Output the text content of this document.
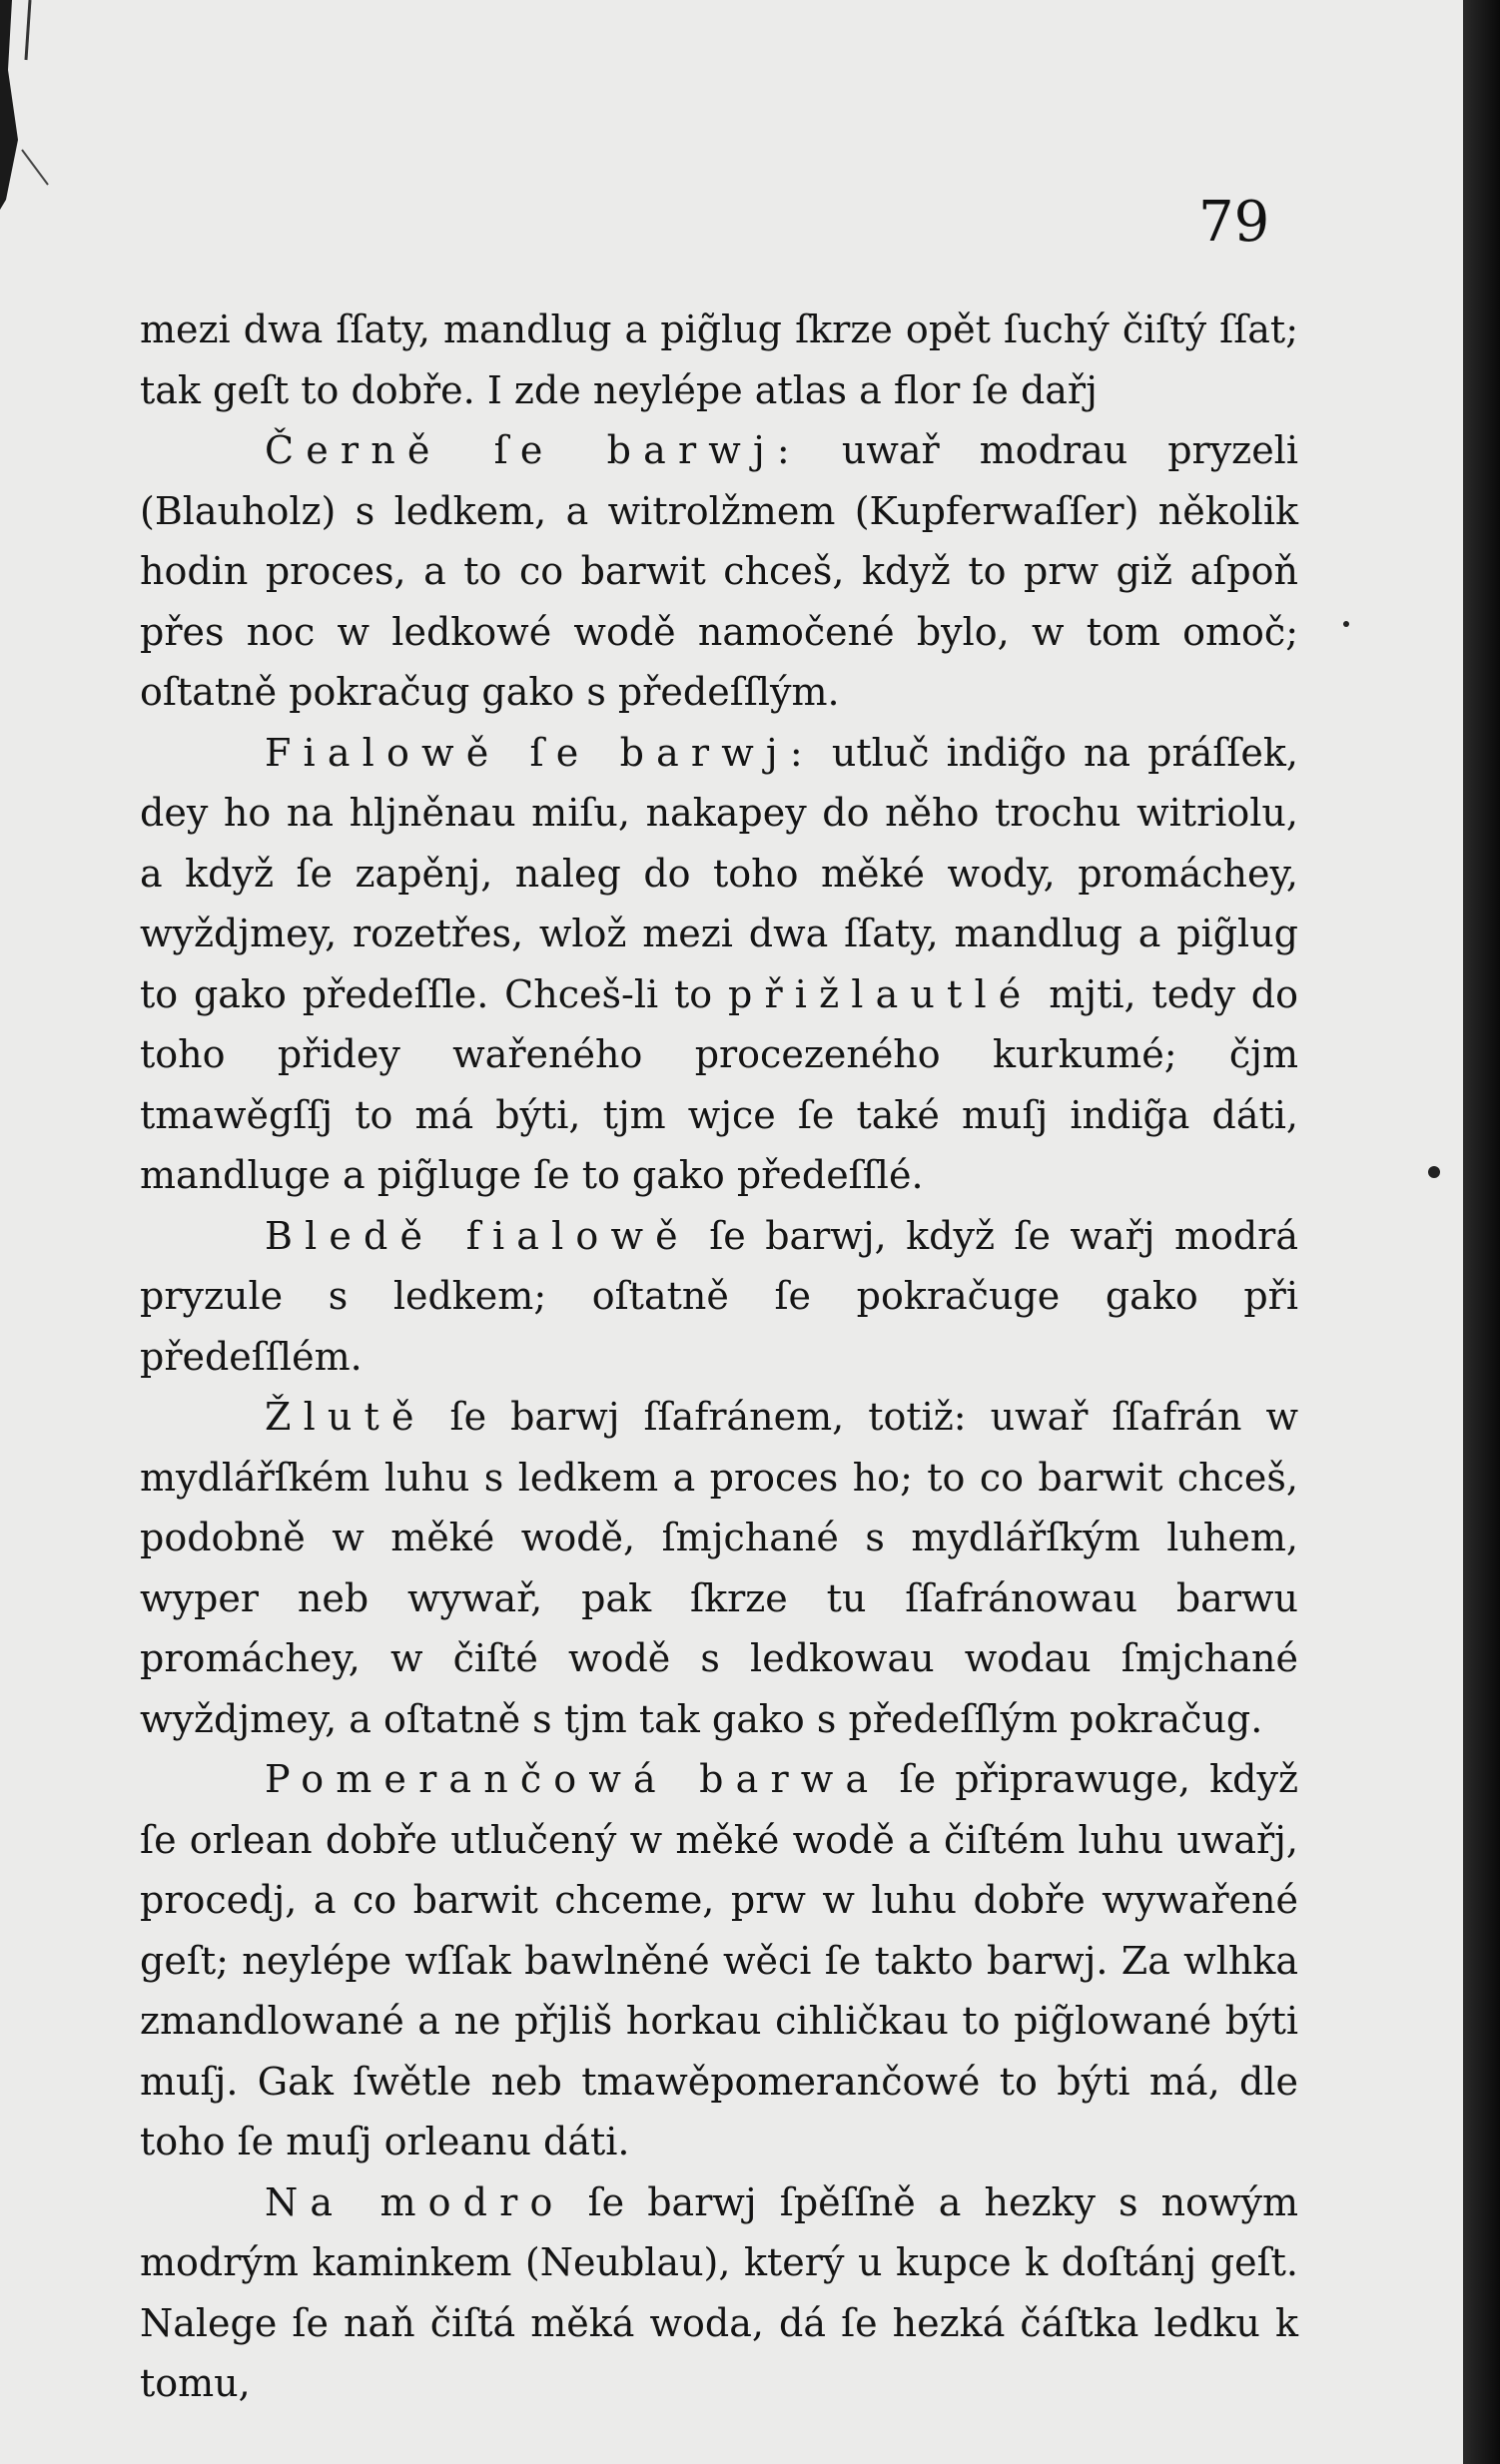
79

mezi dwa ſſaty, mandlug a pig̃lug ſkrze opět ſuchý čiſtý ſſat; tak geſt to dobře. I zde neylépe atlas a flor ſe dařj

Černě ſe barwj: uwař modrau pryzeli (Blauholz) s ledkem, a witrolžmem (Kupferwaſſer) několik hodin proces, a to co barwit chceš, když to prw giž aſpoň přes noc w ledkowé wodě namočené bylo, w tom omoč; oſtatně pokračug gako s předeſſlým.

Fialowě ſe barwj: utluč indig̃o na práſſek, dey ho na hljněnau miſu, nakapey do něho trochu witriolu, a když ſe zapěnj, naleg do toho měké wody, promáchey, wyždjmey, rozetřes, wlož mezi dwa ſſaty, mandlug a pig̃lug to gako předeſſle. Chceš-li to přižlautlé mjti, tedy do toho přidey wařeného procezeného kurkumé; čjm tmawěgſſj to má býti, tjm wjce ſe také muſj indig̃a dáti, mandluge a pig̃luge ſe to gako předeſſlé.

Bledě fialowě ſe barwj, když ſe wařj modrá pryzule s ledkem; oſtatně ſe pokračuge gako při předeſſlém.

Žlutě ſe barwj ſſafránem, totiž: uwař ſſafrán w mydlářſkém luhu s ledkem a proces ho; to co barwit chceš, podobně w měké wodě, ſmjchané s mydlářſkým luhem, wyper neb wywař, pak ſkrze tu ſſafránowau barwu promáchey, w čiſté wodě s ledkowau wodau ſmjchané wyždjmey, a oſtatně s tjm tak gako s předeſſlým pokračug.

Pomerančowá barwa ſe připrawuge, když ſe orlean dobře utlučený w měké wodě a čiſtém luhu uwařj, procedj, a co barwit chceme, prw w luhu dobře wywařené geſt; neylépe wſſak bawlněné wěci ſe takto barwj. Za wlhka zmandlowané a ne přjliš horkau cihličkau to pig̃lowané býti muſj. Gak ſwětle neb tmawěpomerančowé to býti má, dle toho ſe muſj orleanu dáti.

Na modro ſe barwj ſpěſſně a hezky s nowým modrým kaminkem (Neublau), který u kupce k doſtánj geſt. Nalege ſe naň čiſtá měká woda, dá ſe hezká čáſtka ledku k tomu,
